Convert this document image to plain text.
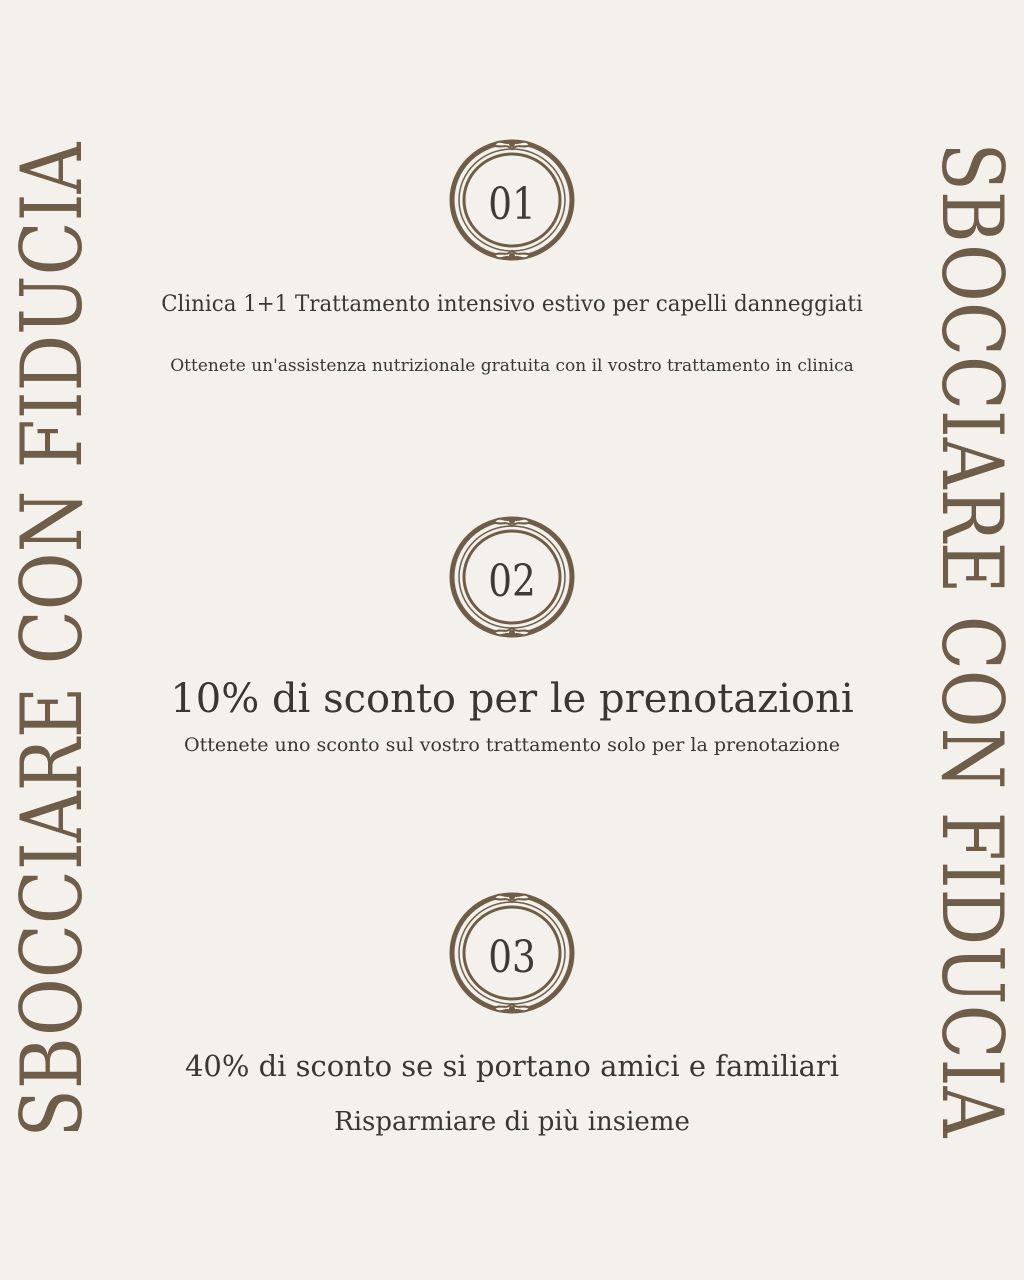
SBOCCIARE CON FIDUCIA	SBOCCIARE CON FIDUCIA
01
Clinica 1+1 Trattamento intensivo estivo per capelli danneggiati
Ottenete un'assistenza nutrizionale gratuita con il vostro trattamento in clinica
02
10% di sconto per le prenotazioni
Ottenete uno sconto sul vostro trattamento solo per la prenotazione
03
40% di sconto se si portano amici e familiari
Risparmiare di più insieme
